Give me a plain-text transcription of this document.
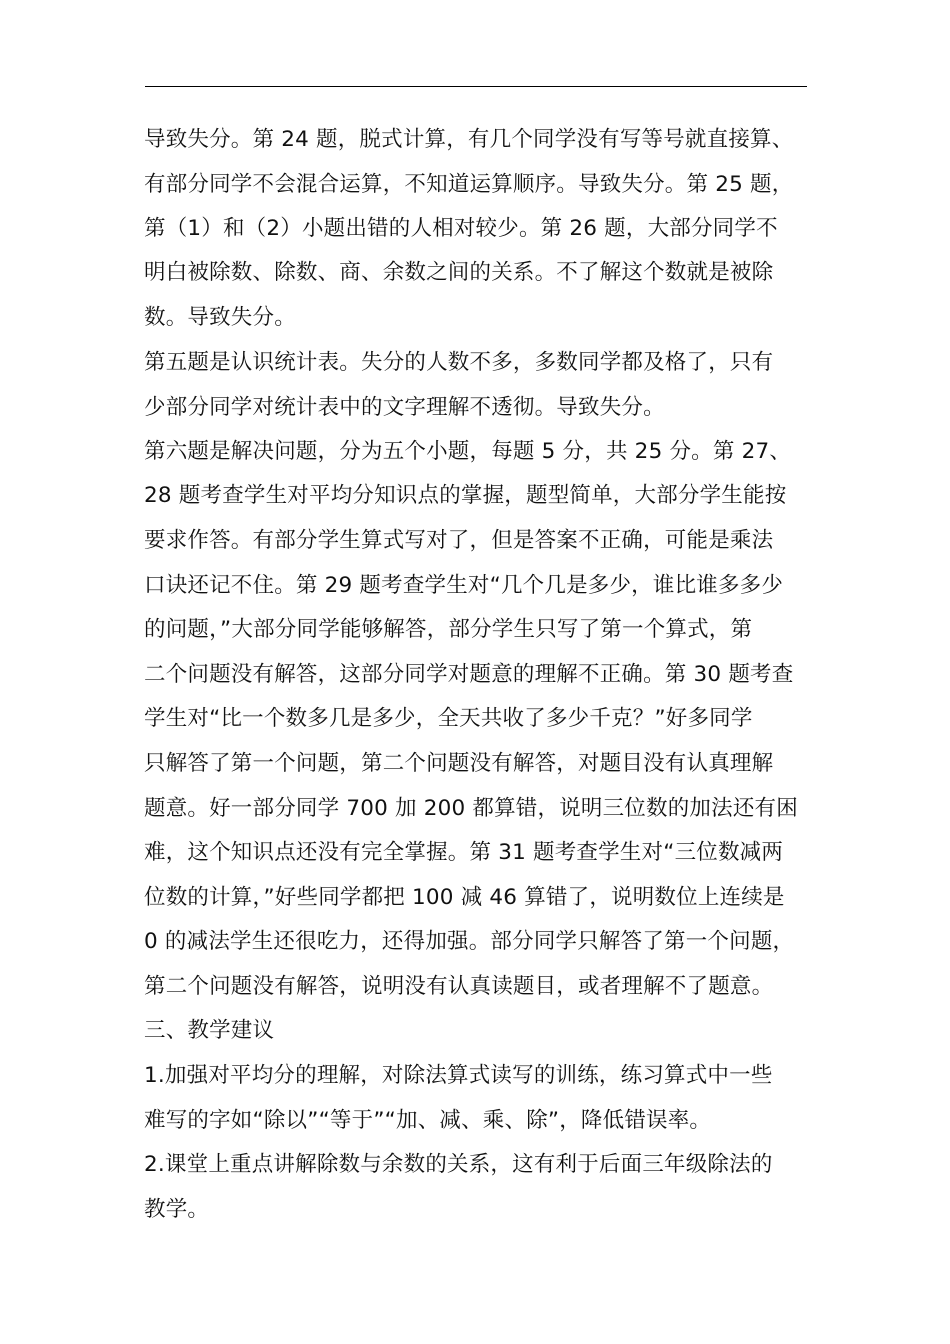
导致失分。第 24 题，脱式计算，有几个同学没有写等号就直接算、
有部分同学不会混合运算，不知道运算顺序。导致失分。第 25 题，
第（1）和（2）小题出错的人相对较少。第 26 题，大部分同学不
明白被除数、除数、商、余数之间的关系。不了解这个数就是被除
数。导致失分。
第五题是认识统计表。失分的人数不多，多数同学都及格了，只有
少部分同学对统计表中的文字理解不透彻。导致失分。
第六题是解决问题，分为五个小题，每题 5 分，共 25 分。第 27、
28 题考查学生对平均分知识点的掌握，题型简单，大部分学生能按
要求作答。有部分学生算式写对了，但是答案不正确，可能是乘法
口诀还记不住。第 29 题考查学生对“几个几是多少，谁比谁多多少
的问题，”大部分同学能够解答，部分学生只写了第一个算式，第
二个问题没有解答，这部分同学对题意的理解不正确。第 30 题考查
学生对“比一个数多几是多少，全天共收了多少千克？”好多同学
只解答了第一个问题，第二个问题没有解答，对题目没有认真理解
题意。好一部分同学 700 加 200 都算错，说明三位数的加法还有困
难，这个知识点还没有完全掌握。第 31 题考查学生对“三位数减两
位数的计算，”好些同学都把 100 减 46 算错了，说明数位上连续是
0 的减法学生还很吃力，还得加强。部分同学只解答了第一个问题，
第二个问题没有解答，说明没有认真读题目，或者理解不了题意。
三、教学建议
1.加强对平均分的理解，对除法算式读写的训练，练习算式中一些
难写的字如“除以”“等于”“加、减、乘、除”，降低错误率。
2.课堂上重点讲解除数与余数的关系，这有利于后面三年级除法的
教学。
